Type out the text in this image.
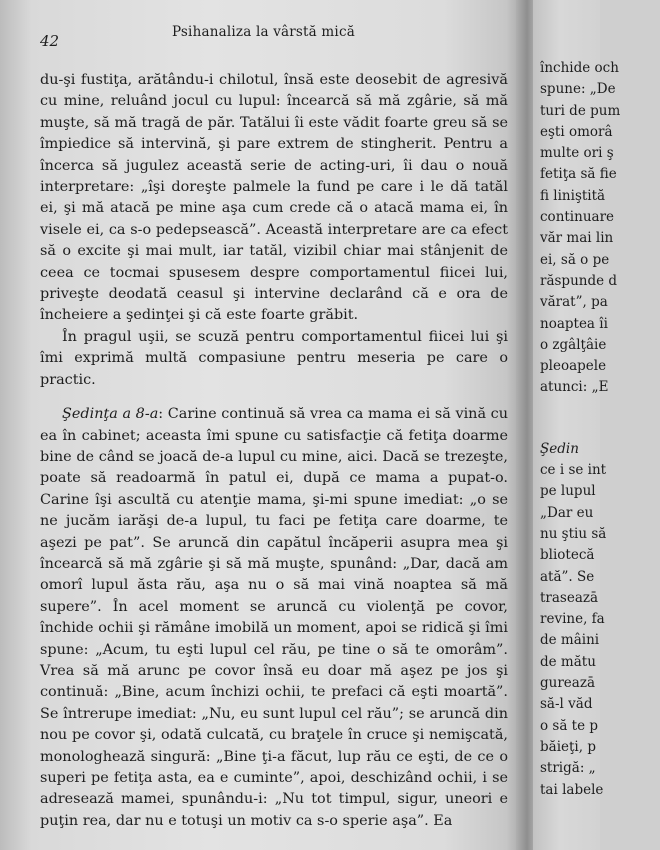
42	Psihanaliza la vârstă mică

du-şi fustiţa, arătându-i chilotul, însă este deosebit de agresivă cu mine, reluând jocul cu lupul: încearcă să mă zgârie, să mă muşte, să mă tragă de păr. Tatălui îi este vădit foarte greu să se împiedice să intervină, şi pare extrem de stingherit. Pentru a încerca să jugulez această serie de acting-uri, îi dau o nouă interpretare: „îşi doreşte palmele la fund pe care i le dă tatăl ei, şi mă atacă pe mine aşa cum crede că o atacă mama ei, în visele ei, ca s-o pedepsească”. Această interpretare are ca efect să o excite şi mai mult, iar tatăl, vizibil chiar mai stânjenit de ceea ce tocmai spusesem despre comportamentul fiicei lui, priveşte deodată ceasul şi intervine declarând că e ora de încheiere a şedinţei şi că este foarte grăbit.

În pragul uşii, se scuză pentru comportamentul fiicei lui şi îmi exprimă multă compasiune pentru meseria pe care o practic.

Şedinţa a 8-a: Carine continuă să vrea ca mama ei să vină cu ea în cabinet; aceasta îmi spune cu satisfacţie că fetiţa doarme bine de când se joacă de-a lupul cu mine, aici. Dacă se trezeşte, poate să readoarmă în patul ei, după ce mama a pupat-o. Carine îşi ascultă cu atenţie mama, şi-mi spune imediat: „o se ne jucăm iarăşi de-a lupul, tu faci pe fetiţa care doarme, te aşezi pe pat”. Se aruncă din capătul încăperii asupra mea şi încearcă să mă zgârie şi să mă muşte, spunând: „Dar, dacă am omorî lupul ăsta rău, aşa nu o să mai vină noaptea să mă supere”. În acel moment se aruncă cu violenţă pe covor, închide ochii şi rămâne imobilă un moment, apoi se ridică şi îmi spune: „Acum, tu eşti lupul cel rău, pe tine o să te omorâm”. Vrea să mă arunc pe covor însă eu doar mă aşez pe jos şi continuă: „Bine, acum închizi ochii, te prefaci că eşti moartă”. Se întrerupe imediat: „Nu, eu sunt lupul cel rău”; se aruncă din nou pe covor şi, odată culcată, cu braţele în cruce şi nemişcată, monologhează singură: „Bine ţi-a făcut, lup rău ce eşti, de ce o superi pe fetiţa asta, ea e cuminte”, apoi, deschizând ochii, i se adresează mamei, spunându-i: „Nu tot timpul, sigur, uneori e puţin rea, dar nu e totuşi un motiv ca s-o sperie aşa”. Ea

închide och
spune: „De
turi de pum
eşti omorâ
multe ori ş
fetiţa să fie
fi liniştită
continuare
văr mai lin
ei, să o pe
răspunde d
vărat”, pa
noaptea îi
o zgâlţâie
pleoapele
atunci: „E
Şedin
ce i se int
pe lupul
„Dar eu
nu ştiu să
bliotecă
ată”. Se
traseazā
revine, fa
de mâini
de mătu
gureazā
să-l văd
o să te p
băieţi, p
strigă: „
tai labele
